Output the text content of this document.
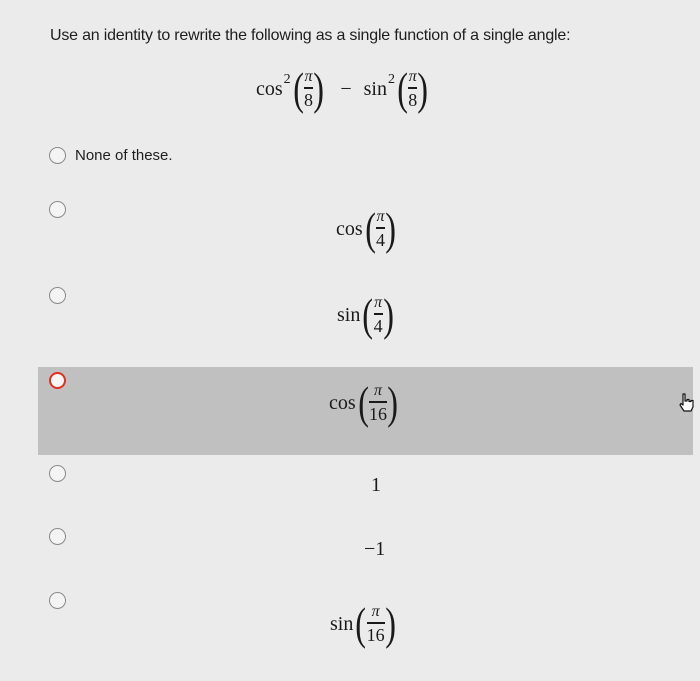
Use an identity to rewrite the following as a single function of a single angle:
cos 2 ( $\frac{\pi}{8}$ ) − sin 2 ( $\frac{\pi}{8}$ )
None of these.
cos ( $\frac{\pi}{4}$ )
sin ( $\frac{\pi}{4}$ )
cos ( $\frac{\pi}{16}$ )
1
−1
sin ( $\frac{\pi}{16}$ )
